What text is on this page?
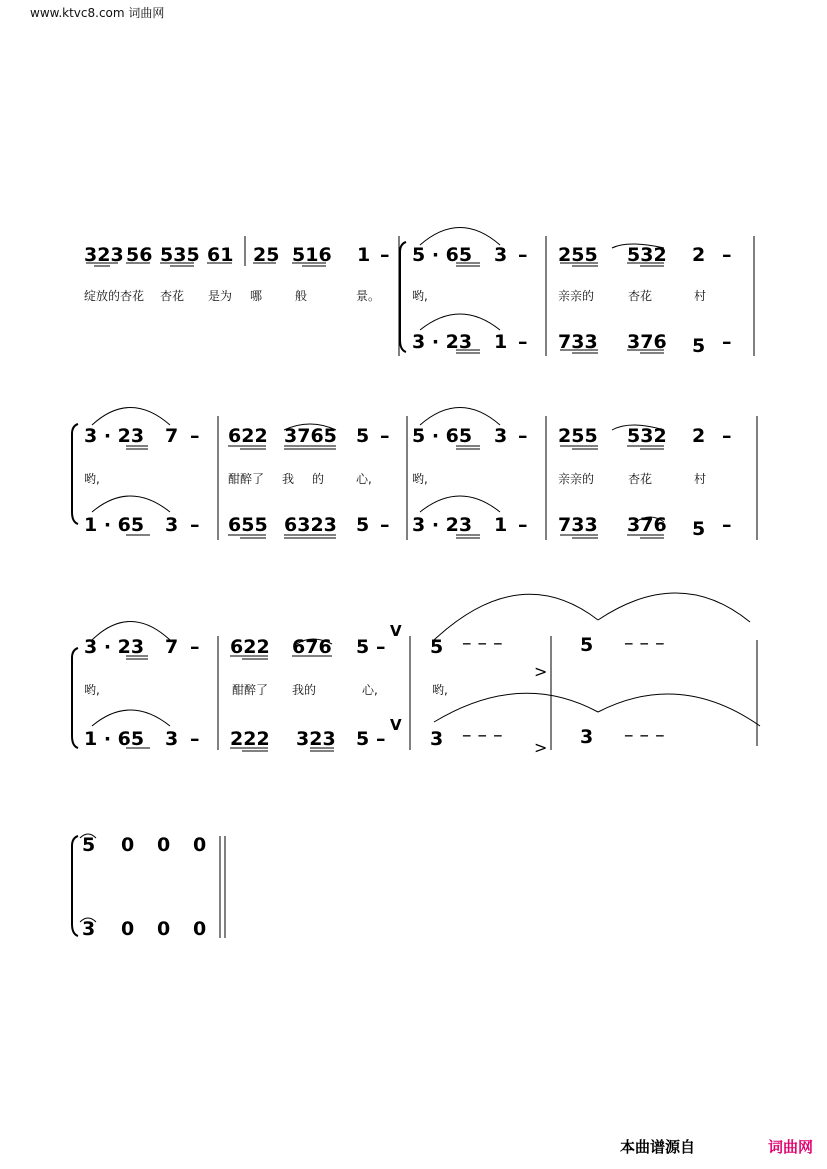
www.ktvc8.com 词曲网
323 56 535 61 25 516 1 – 5 · 65 3 – 255 532 2 –
绽放的杏花 杏花 是为 哪	般	景。	哟,	亲亲的	杏花	村
3 · 23 1 – 733 376 5 –
3 · 23 7 – 622 3765 5 – 5 · 65 3 – 255 532 2 –
哟,	酣醉了 我 的	心,	哟,	亲亲的	杏花	村
1 · 65 3 – 655 6323 5 – 3 · 23 1 – 733 376 5 –
3 · 23 7 – 622 676 5 – 5 – – –	5 – – –
V
>
哟,	酣醉了 我的	心,	哟,
1 · 65 3 – 222 323 5 – 3 – – –	3 – – –
V
>
5 0 0 0
3 0 0 0
本曲谱源自	词曲网
